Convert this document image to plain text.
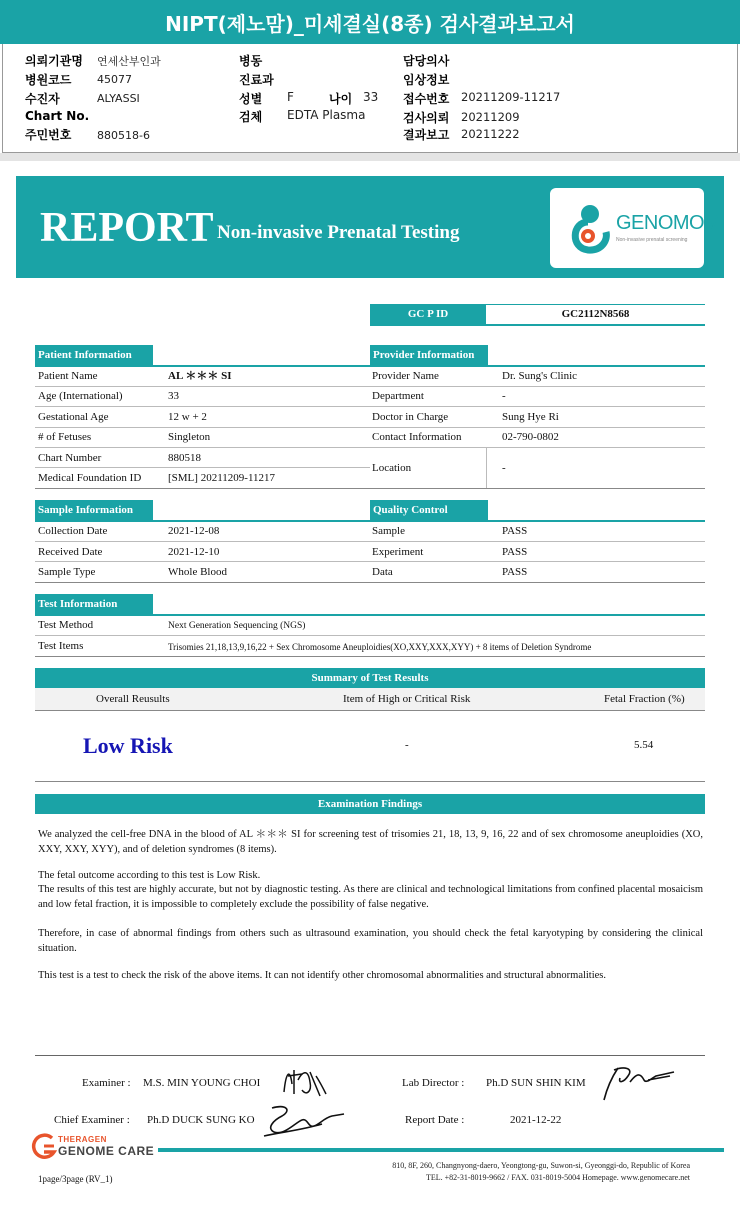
NIPT(제노맘)_미세결실(8종) 검사결과보고서
의뢰기관명 연세산부인과
병원코드 45077
수진자	ALYASSI
Chart No.
주민번호 880518-6
병동
진료과
성별 F	나이 33
검체 EDTA Plasma
담당의사
임상정보
접수번호 20211209-11217
검사의뢰 20211209
결과보고 20211222
REPORT Non-invasive Prenatal Testing	GENOMOM
Non-invasive prenatal screening
GC P ID	GC2112N8568
Patient Information
Patient Name	AL ＊＊＊ SI
Age (International)	33
Gestational Age	12 w + 2
# of Fetuses	Singleton
Chart Number	880518
Medical Foundation ID [SML] 20211209-11217
Provider Information
Provider Name	Dr. Sung's Clinic
Department	-
Doctor in Charge	Sung Hye Ri
Contact Information	02-790-0802
Location	-
Sample Information
Collection Date	2021-12-08
Received Date	2021-12-10
Sample Type	Whole Blood
Quality Control
Sample	PASS
Experiment	PASS
Data	PASS
Test Information
Test Method	Next Generation Sequencing (NGS)
Test Items	Trisomies 21,18,13,9,16,22 + Sex Chromosome Aneuploidies(XO,XXY,XXX,XYY) + 8 items of Deletion Syndrome
Summary of Test Results
Overall Reusults	Item of High or Critical Risk	Fetal Fraction (%)
Low Risk	-	5.54
Examination Findings
We analyzed the cell-free DNA in the blood of AL ＊＊＊ SI for screening test of trisomies 21, 18, 13, 9, 16, 22 and of sex chromosome aneuploidies (XO, XXY, XXY, XYY), and of deletion syndromes (8 items).
The fetal outcome according to this test is Low Risk.
The results of this test are highly accurate, but not by diagnostic testing. As there are clinical and technological limitations from confined placental mosaicism and low fetal fraction, it is impossible to completely exclude the possibility of false negative.
Therefore, in case of abnormal findings from others such as ultrasound examination, you should check the fetal karyotyping by considering the clinical situation.
This test is a test to check the risk of the above items. It can not identify other chromosomal abnormalities and structural abnormalities.
Examiner : M.S. MIN YOUNG CHOI	Lab Director : Ph.D SUN SHIN KIM
Chief Examiner : Ph.D DUCK SUNG KO	Report Date :	2021-12-22
THERAGEN
GENOME CARE
810, 8F, 260, Changnyong-daero, Yeongtong-gu, Suwon-si, Gyeonggi-do, Republic of Korea
TEL. +82-31-8019-9662 / FAX. 031-8019-5004 Homepage. www.genomecare.net
1page/3page (RV_1)
